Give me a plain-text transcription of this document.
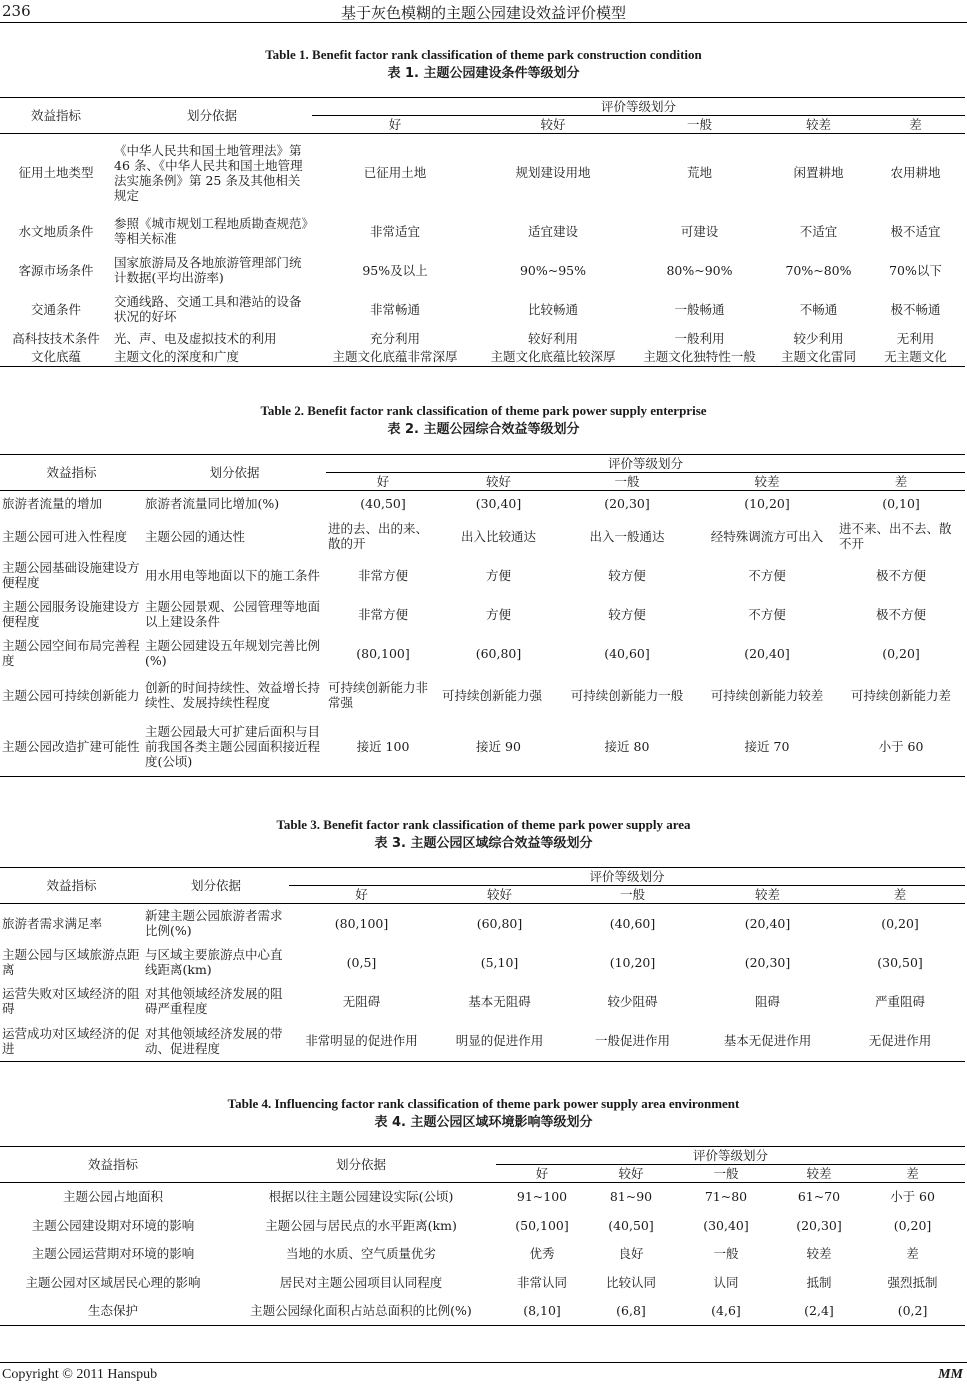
236	基于灰色模糊的主题公园建设效益评价模型
Table 1. Benefit factor rank classification of theme park construction condition
表 1. 主题公园建设条件等级划分
效益指标	划分依据	评价等级划分				
		好	较好	一般	较差	差
征用土地类型	《中华人民共和国土地管理法》第 46 条、《中华人民共和国土地管理法实施条例》第 25 条及其他相关规定	已征用土地	规划建设用地	荒地	闲置耕地	农用耕地
水文地质条件	参照《城市规划工程地质勘查规范》等相关标准	非常适宜	适宜建设	可建设	不适宜	极不适宜
客源市场条件	国家旅游局及各地旅游管理部门统计数据(平均出游率)	95%及以上	90%~95%	80%~90%	70%~80%	70%以下
交通条件	交通线路、交通工具和港站的设备状况的好坏	非常畅通	比较畅通	一般畅通	不畅通	极不畅通
高科技技术条件	光、声、电及虚拟技术的利用	充分利用	较好利用	一般利用	较少利用	无利用
文化底蕴	主题文化的深度和广度	主题文化底蕴非常深厚	主题文化底蕴比较深厚	主题文化独特性一般	主题文化雷同	无主题文化
Table 2. Benefit factor rank classification of theme park power supply enterprise
表 2. 主题公园综合效益等级划分
效益指标	划分依据	评价等级划分				
		好	较好	一般	较差	差
旅游者流量的增加	旅游者流量同比增加(%)	(40,50]	(30,40]	(20,30]	(10,20]	(0,10]
主题公园可进入性程度	主题公园的通达性	进的去、出的来、散的开	出入比较通达	出入一般通达	经特殊调流方可出入	进不来、出不去、散不开
主题公园基础设施建设方便程度	用水用电等地面以下的施工条件	非常方便	方便	较方便	不方便	极不方便
主题公园服务设施建设方便程度	主题公园景观、公园管理等地面以上建设条件	非常方便	方便	较方便	不方便	极不方便
主题公园空间布局完善程度	主题公园建设五年规划完善比例(%)	(80,100]	(60,80]	(40,60]	(20,40]	(0,20]
主题公园可持续创新能力	创新的时间持续性、效益增长持续性、发展持续性程度	可持续创新能力非常强	可持续创新能力强	可持续创新能力一般	可持续创新能力较差	可持续创新能力差
主题公园改造扩建可能性	主题公园最大可扩建后面积与目前我国各类主题公园面积接近程度(公顷)	接近 100	接近 90	接近 80	接近 70	小于 60
Table 3. Benefit factor rank classification of theme park power supply area
表 3. 主题公园区域综合效益等级划分
效益指标	划分依据	评价等级划分				
		好	较好	一般	较差	差
旅游者需求满足率	新建主题公园旅游者需求比例(%)	(80,100]	(60,80]	(40,60]	(20,40]	(0,20]
主题公园与区域旅游点距离	与区域主要旅游点中心直线距离(km)	(0,5]	(5,10]	(10,20]	(20,30]	(30,50]
运营失败对区域经济的阻碍	对其他领域经济发展的阻碍严重程度	无阻碍	基本无阻碍	较少阻碍	阻碍	严重阻碍
运营成功对区域经济的促进	对其他领域经济发展的带动、促进程度	非常明显的促进作用	明显的促进作用	一般促进作用	基本无促进作用	无促进作用
Table 4. Influencing factor rank classification of theme park power supply area environment
表 4. 主题公园区域环境影响等级划分
效益指标	划分依据	评价等级划分				
		好	较好	一般	较差	差
主题公园占地面积	根据以往主题公园建设实际(公顷)	91~100	81~90	71~80	61~70	小于 60
主题公园建设期对环境的影响	主题公园与居民点的水平距离(km)	(50,100]	(40,50]	(30,40]	(20,30]	(0,20]
主题公园运营期对环境的影响	当地的水质、空气质量优劣	优秀	良好	一般	较差	差
主题公园对区域居民心理的影响	居民对主题公园项目认同程度	非常认同	比较认同	认同	抵制	强烈抵制
生态保护	主题公园绿化面积占站总面积的比例(%)	(8,10]	(6,8]	(4,6]	(2,4]	(0,2]
Copyright © 2011 Hanspub	MM
